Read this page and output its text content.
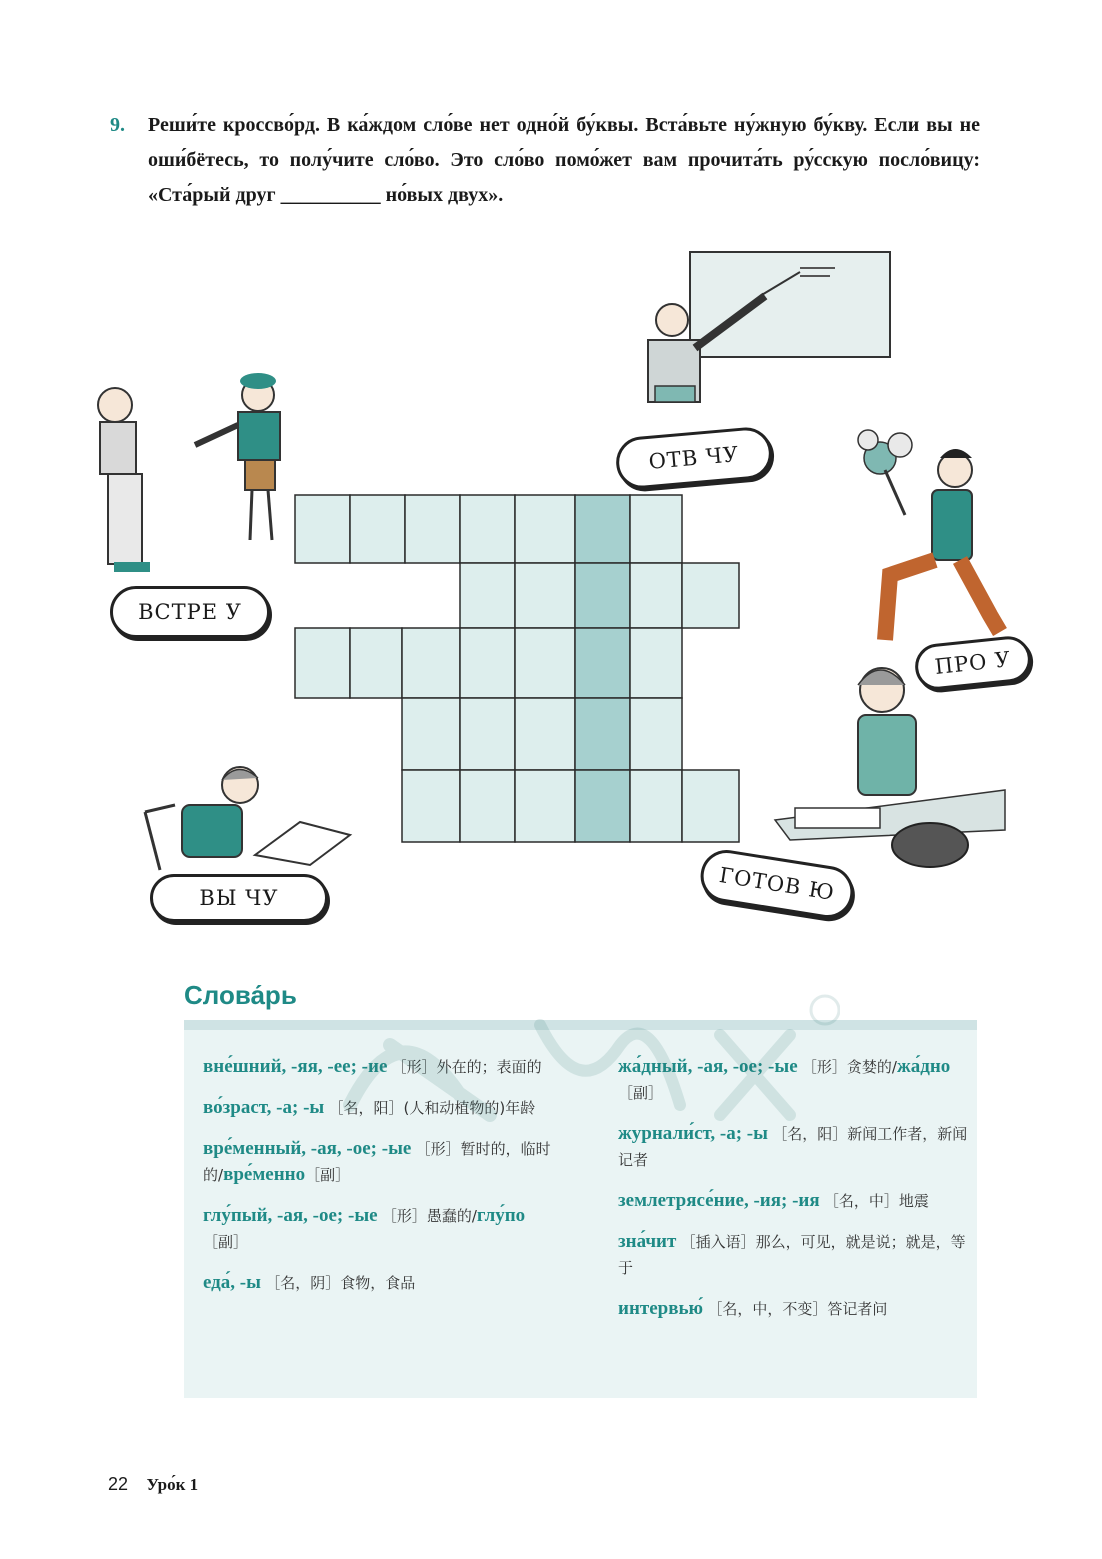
9. Реши́те кроссво́рд. В ка́ждом сло́ве нет одно́й бу́квы. Вста́вьте ну́жную бу́кву. Если вы не оши́бётесь, то полу́чите сло́во. Это сло́во помо́жет вам прочита́ть ру́сскую посло́вицу: «Ста́рый друг __________ но́вых двух».
ОТВ ЧУ
ВСТРЕ У
ПРО У
ВЫ ЧУ	ГОТОВ Ю
Слова́рь
вне́шний, -яя, -ее; -ие ［形］外在的；表面的
во́зраст, -а; -ы ［名，阳］(人和动植物的)年龄
вре́менный, -ая, -ое; -ые ［形］暂时的，临时的/вре́менно［副］
глу́пый, -ая, -ое; -ые ［形］愚蠢的/глу́по［副］
еда́, -ы ［名，阴］食物，食品
жа́дный, -ая, -ое; -ые ［形］贪婪的/жа́дно［副］
журнали́ст, -а; -ы ［名，阳］新闻工作者，新闻记者
землетрясе́ние, -ия; -ия ［名，中］地震
зна́чит ［插入语］那么，可见，就是说；就是，等于
интервью́ ［名，中，不变］答记者问
22 Уро́к 1
